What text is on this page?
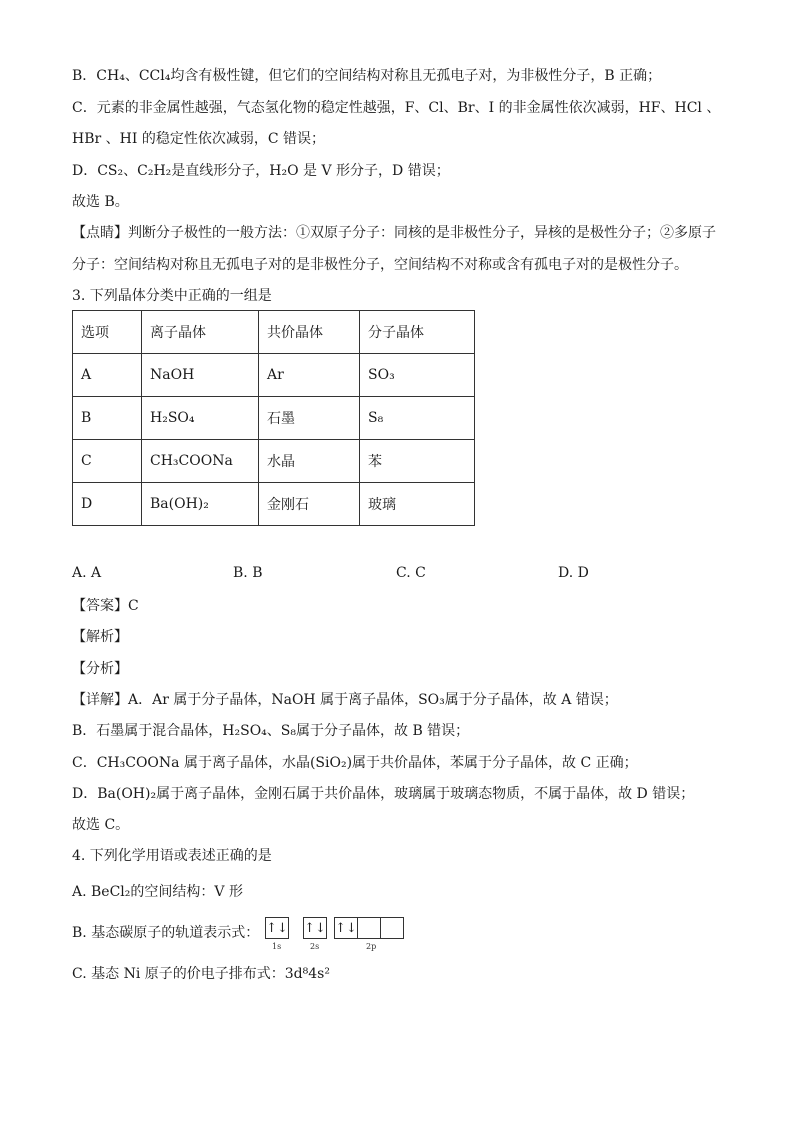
B．CH₄、CCl₄均含有极性键，但它们的空间结构对称且无孤电子对，为非极性分子，B 正确；
C．元素的非金属性越强，气态氢化物的稳定性越强，F、Cl、Br、I 的非金属性依次减弱，HF、HCl 、
HBr 、HI 的稳定性依次减弱，C 错误；
D．CS₂、C₂H₂是直线形分子，H₂O 是 V 形分子，D 错误；
故选 B。
【点睛】判断分子极性的一般方法：①双原子分子：同核的是非极性分子，异核的是极性分子；②多原子
分子：空间结构对称且无孤电子对的是非极性分子，空间结构不对称或含有孤电子对的是极性分子。
3. 下列晶体分类中正确的一组是
选项	离子晶体	共价晶体	分子晶体
A	NaOH	Ar	SO₃
B	H₂SO₄	石墨	S₈
C	CH₃COONa	水晶	苯
D	Ba(OH)₂	金刚石	玻璃
A. A	B. B	C. C	D. D
【答案】C
【解析】
【分析】
【详解】A．Ar 属于分子晶体，NaOH 属于离子晶体，SO₃属于分子晶体，故 A 错误；
B．石墨属于混合晶体，H₂SO₄、S₈属于分子晶体，故 B 错误；
C．CH₃COONa 属于离子晶体，水晶(SiO₂)属于共价晶体，苯属于分子晶体，故 C 正确；
D．Ba(OH)₂属于离子晶体，金刚石属于共价晶体，玻璃属于玻璃态物质，不属于晶体，故 D 错误；
故选 C。
4. 下列化学用语或表述正确的是
A. BeCl₂的空间结构：V 形
B. 基态碳原子的轨道表示式： ↑↓ ↑↓ ↑↓
1s	2s	2p
C. 基态 Ni 原子的价电子排布式：3d⁸4s²
